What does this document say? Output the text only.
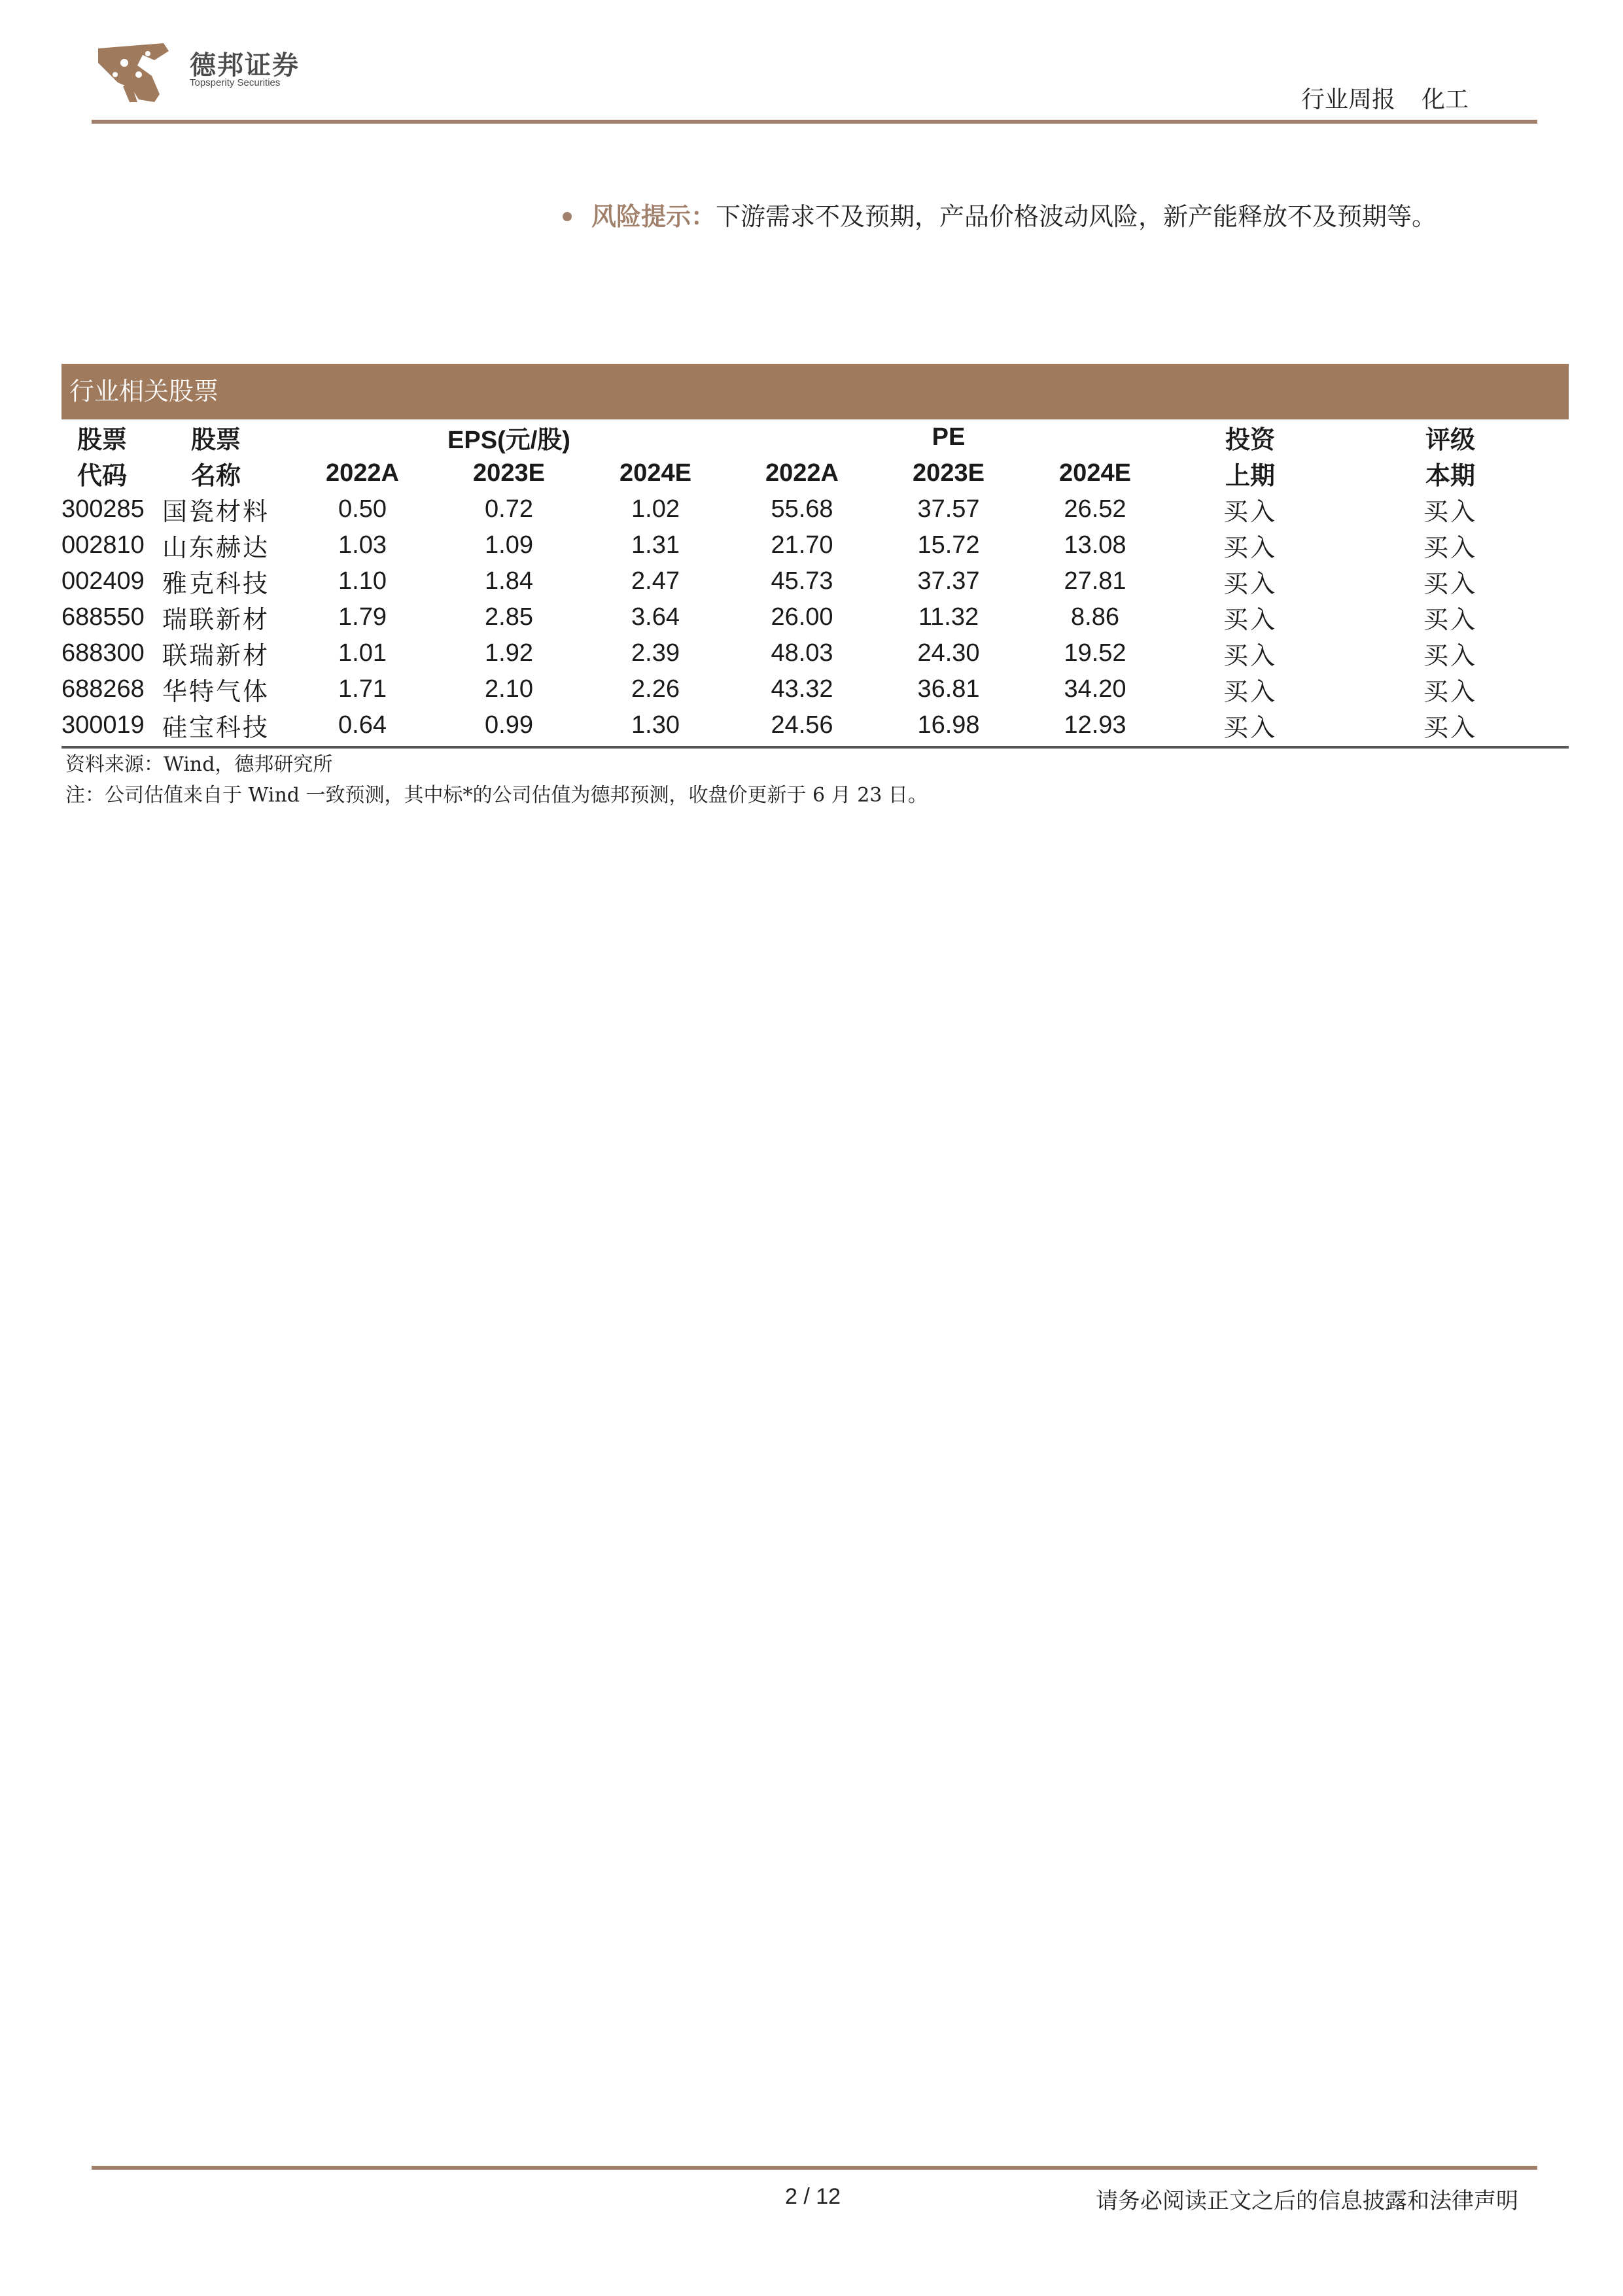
德邦证券
Topsperity Securities
行业周报 化工
风险提示：下游需求不及预期，产品价格波动风险，新产能释放不及预期等。
行业相关股票
股票	股票		EPS(元/股)			PE		投资	评级
代码	名称	2022A	2023E	2024E	2022A	2023E	2024E	上期	本期
300285	国瓷材料	0.50	0.72	1.02	55.68	37.57	26.52	买入	买入
002810	山东赫达	1.03	1.09	1.31	21.70	15.72	13.08	买入	买入
002409	雅克科技	1.10	1.84	2.47	45.73	37.37	27.81	买入	买入
688550	瑞联新材	1.79	2.85	3.64	26.00	11.32	8.86	买入	买入
688300	联瑞新材	1.01	1.92	2.39	48.03	24.30	19.52	买入	买入
688268	华特气体	1.71	2.10	2.26	43.32	36.81	34.20	买入	买入
300019	硅宝科技	0.64	0.99	1.30	24.56	16.98	12.93	买入	买入
资料来源：Wind，德邦研究所
注：公司估值来自于 Wind 一致预测，其中标*的公司估值为德邦预测，收盘价更新于 6 月 23 日。
2 / 12	请务必阅读正文之后的信息披露和法律声明
